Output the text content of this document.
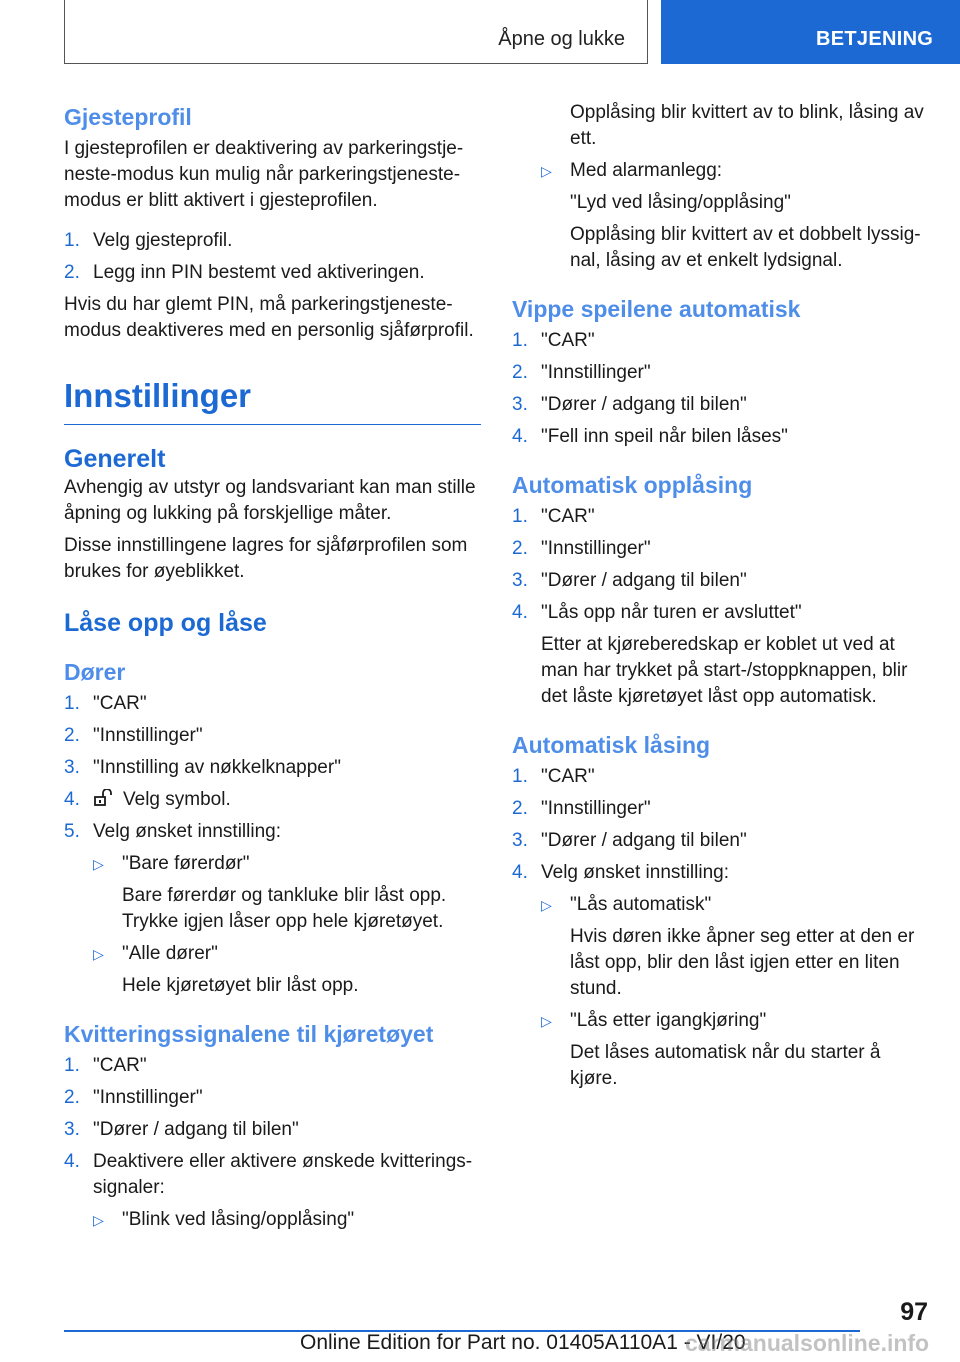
Åpne og lukke	BETJENING

Gjesteprofil

I gjesteprofilen er deaktivering av parkeringstje-

neste-modus kun mulig når parkeringstjeneste-

modus er blitt aktivert i gjesteprofilen.

1. Velg gjesteprofil.
2. Legg inn PIN bestemt ved aktiveringen.

Hvis du har glemt PIN, må parkeringstjeneste-

modus deaktiveres med en personlig sjåførprofil.

Innstillinger

Generelt

Avhengig av utstyr og landsvariant kan man stille

åpning og lukking på forskjellige måter.

Disse innstillingene lagres for sjåførprofilen som

brukes for øyeblikket.

Låse opp og låse

Dører

1. "CAR"
2. "Innstillinger"
3. "Innstilling av nøkkelknapper"
4. Velg symbol.
5. Velg ønsket innstilling:
▷ "Bare førerdør"
Bare førerdør og tankluke blir låst opp.
Trykke igjen låser opp hele kjøretøyet.
▷ "Alle dører"
Hele kjøretøyet blir låst opp.

Kvitteringssignalene til kjøretøyet

1. "CAR"
2. "Innstillinger"
3. "Dører / adgang til bilen"
4. Deaktivere eller aktivere ønskede kvitterings-
signaler:
▷ "Blink ved låsing/opplåsing"
Opplåsing blir kvittert av to blink, låsing av
ett.
▷ Med alarmanlegg:
"Lyd ved låsing/opplåsing"
Opplåsing blir kvittert av et dobbelt lyssig-
nal, låsing av et enkelt lydsignal.

Vippe speilene automatisk

1. "CAR"
2. "Innstillinger"
3. "Dører / adgang til bilen"
4. "Fell inn speil når bilen låses"

Automatisk opplåsing

1. "CAR"
2. "Innstillinger"
3. "Dører / adgang til bilen"
4. "Lås opp når turen er avsluttet"
Etter at kjøreberedskap er koblet ut ved at
man har trykket på start-/stoppknappen, blir
det låste kjøretøyet låst opp automatisk.

Automatisk låsing

1. "CAR"
2. "Innstillinger"
3. "Dører / adgang til bilen"
4. Velg ønsket innstilling:
▷ "Lås automatisk"
Hvis døren ikke åpner seg etter at den er
låst opp, blir den låst igjen etter en liten
stund.
▷ "Lås etter igangkjøring"
Det låses automatisk når du starter å
kjøre.
97
Online Edition for Part no. 01405A110A1 - VI/20
carmanualsonline.info
